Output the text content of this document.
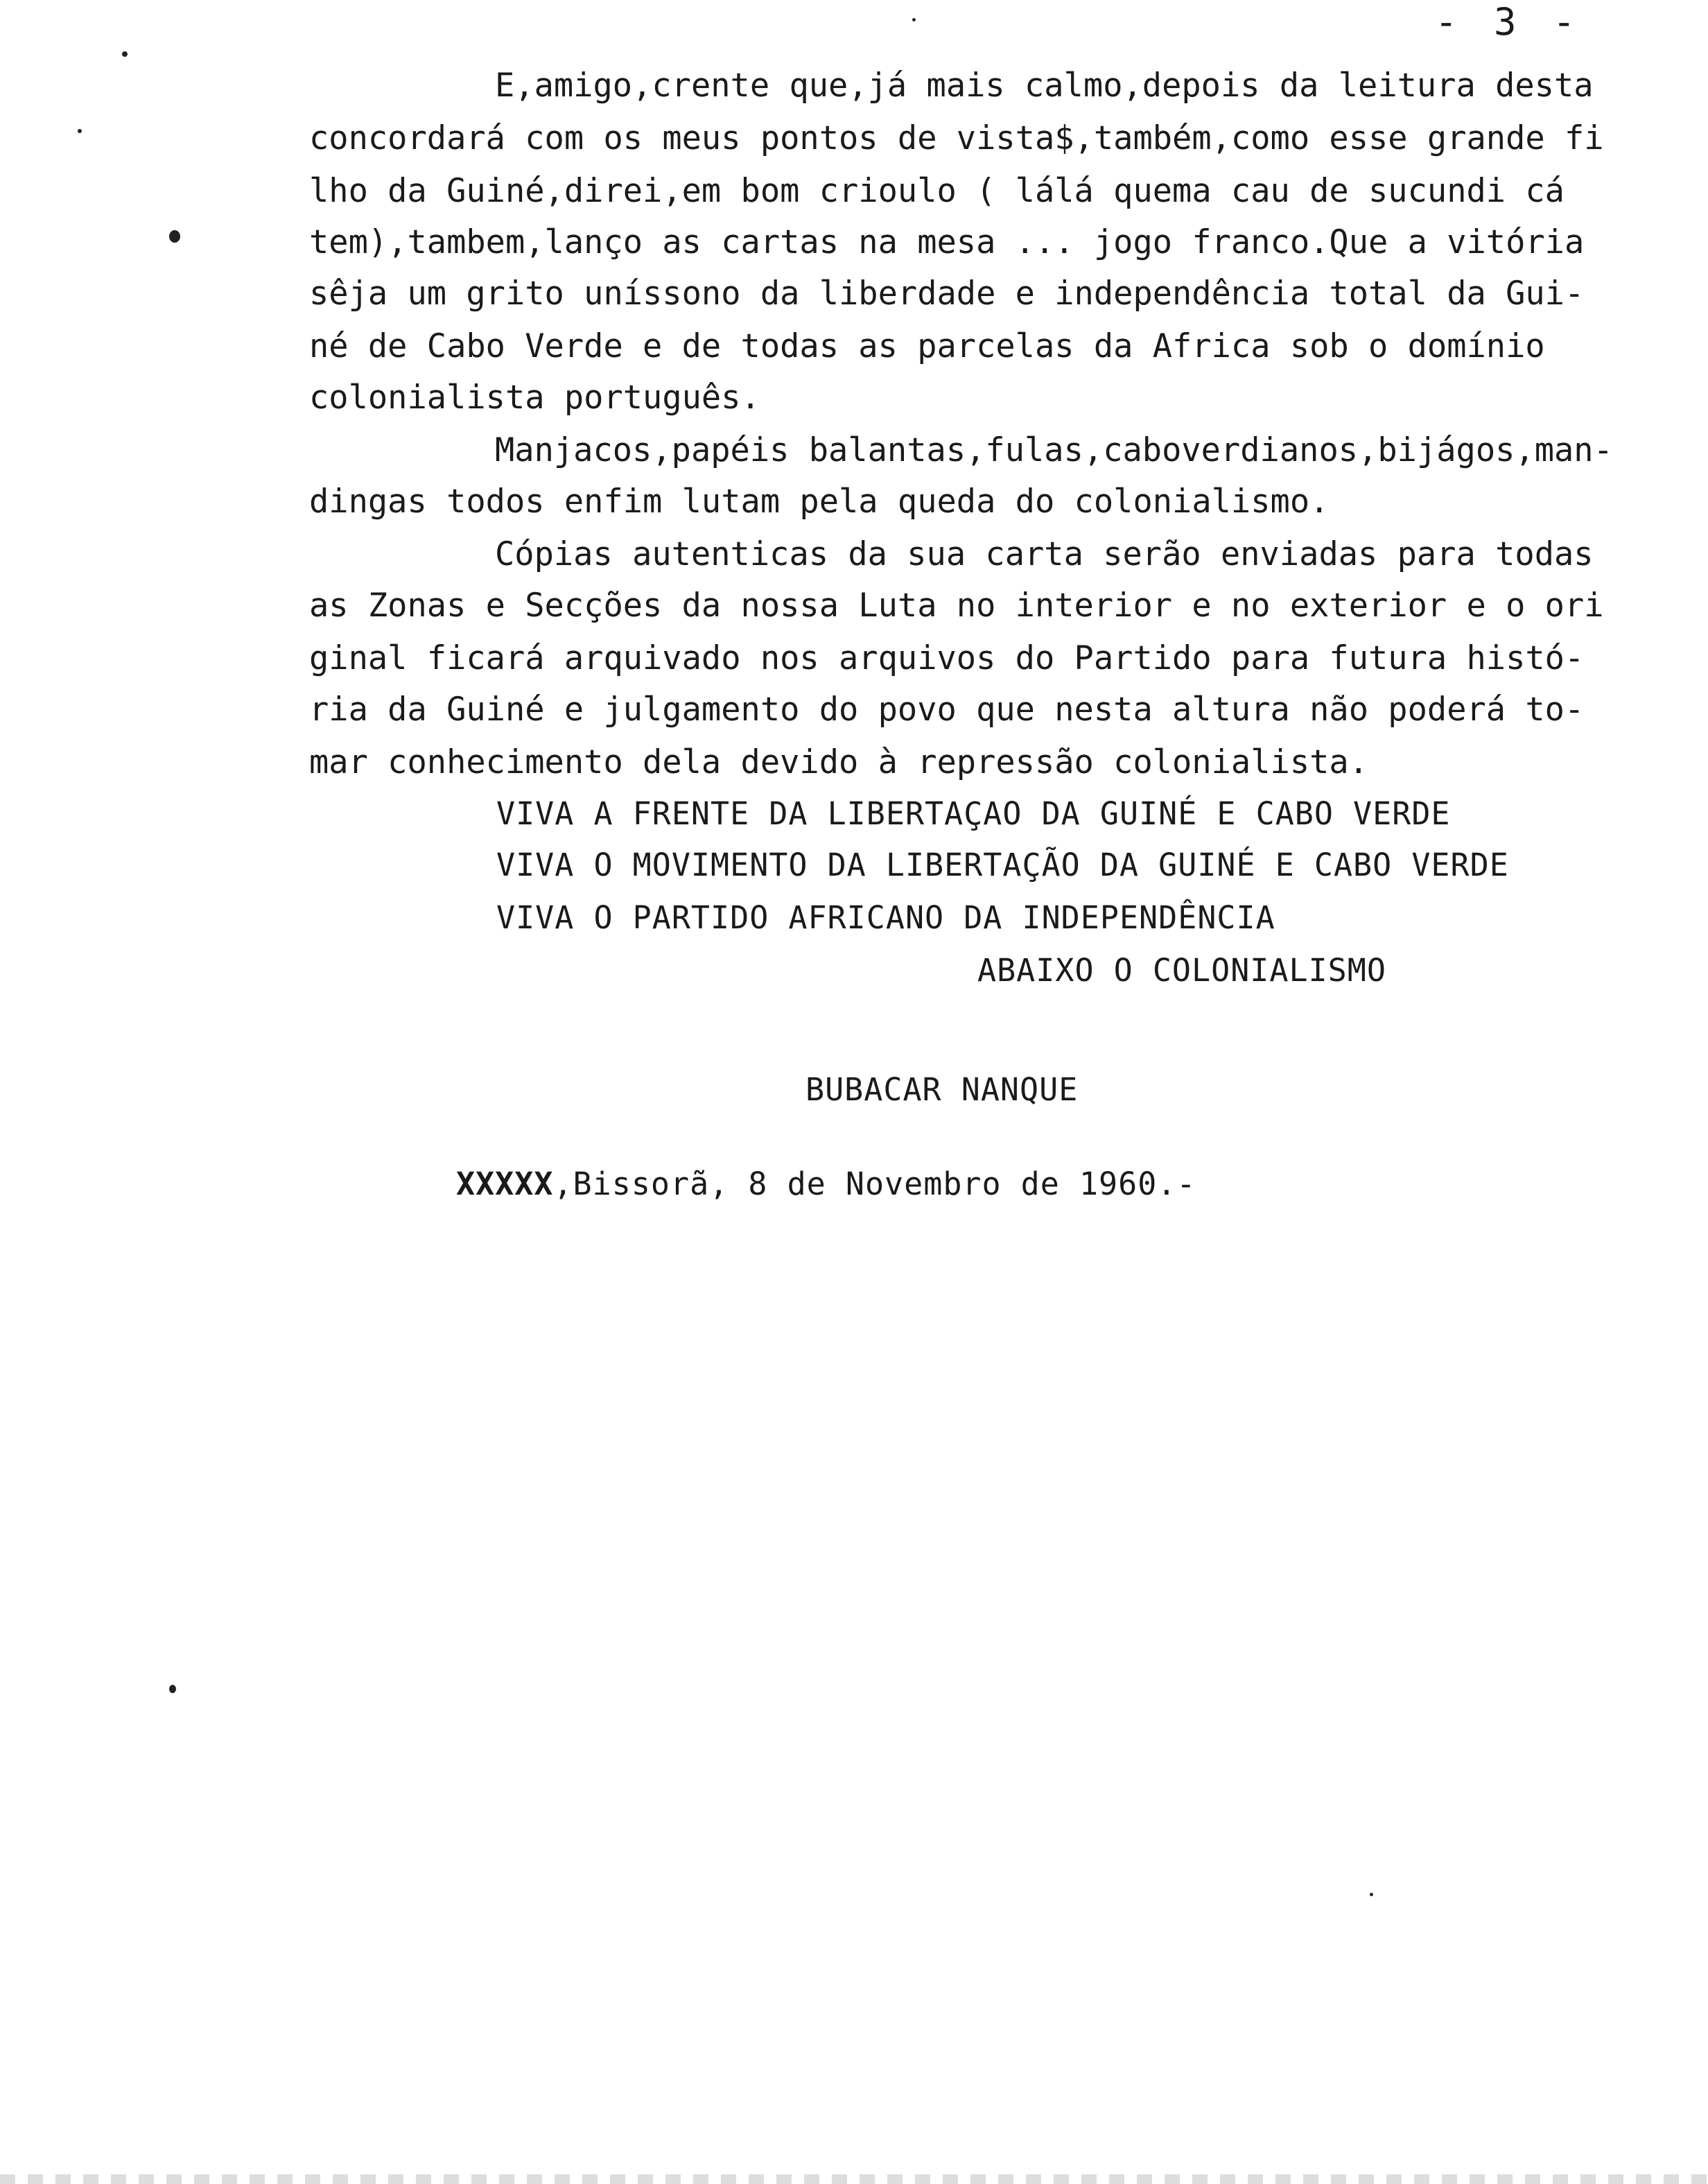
- 3 -
E,amigo,crente que,já mais calmo,depois da leitura desta
concordará com os meus pontos de vista$,também,como esse grande fi
lho da Guiné,direi,em bom crioulo ( lálá quema cau de sucundi cá
tem),tambem,lanço as cartas na mesa ... jogo franco.Que a vitória
sêja um grito uníssono da liberdade e independência total da Gui-
né de Cabo Verde e de todas as parcelas da Africa sob o domínio
colonialista português.
Manjacos,papéis balantas,fulas,caboverdianos,bijágos,man-
dingas todos enfim lutam pela queda do colonialismo.
Cópias autenticas da sua carta serão enviadas para todas
as Zonas e Secções da nossa Luta no interior e no exterior e o ori
ginal ficará arquivado nos arquivos do Partido para futura histó-
ria da Guiné e julgamento do povo que nesta altura não poderá to-
mar conhecimento dela devido à repressão colonialista.
VIVA A FRENTE DA LIBERTAÇAO DA GUINÉ E CABO VERDE
VIVA O MOVIMENTO DA LIBERTAÇÃO DA GUINÉ E CABO VERDE
VIVA O PARTIDO AFRICANO DA INDEPENDÊNCIA
ABAIXO O COLONIALISMO
BUBACAR NANQUE
XXXXX,Bissorã, 8 de Novembro de 1960.-
